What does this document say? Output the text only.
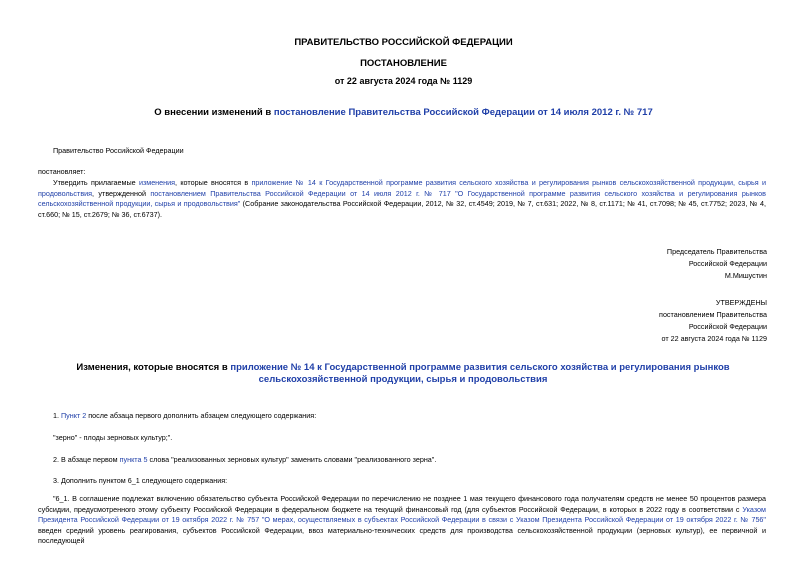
ПРАВИТЕЛЬСТВО РОССИЙСКОЙ ФЕДЕРАЦИИ
ПОСТАНОВЛЕНИЕ
от 22 августа 2024 года № 1129
О внесении изменений в постановление Правительства Российской Федерации от 14 июля 2012 г. № 717
Правительство Российской Федерации
постановляет:
Утвердить прилагаемые изменения, которые вносятся в приложение № 14 к Государственной программе развития сельского хозяйства и регулирования рынков сельскохозяйственной продукции, сырья и продовольствия, утвержденной постановлением Правительства Российской Федерации от 14 июля 2012 г. № 717 "О Государственной программе развития сельского хозяйства и регулирования рынков сельскохозяйственной продукции, сырья и продовольствия" (Собрание законодательства Российской Федерации, 2012, № 32, ст.4549; 2019, № 7, ст.631; 2022, № 8, ст.1171; № 41, ст.7098; № 45, ст.7752; 2023, № 4, ст.660; № 15, ст.2679; № 36, ст.6737).
Председатель Правительства
Российской Федерации
М.Мишустин
УТВЕРЖДЕНЫ
постановлением Правительства
Российской Федерации
от 22 августа 2024 года № 1129
Изменения, которые вносятся в приложение № 14 к Государственной программе развития сельского хозяйства и регулирования рынков сельскохозяйственной продукции, сырья и продовольствия
1. Пункт 2 после абзаца первого дополнить абзацем следующего содержания:
"зерно" - плоды зерновых культур;".
2. В абзаце первом пункта 5 слова "реализованных зерновых культур" заменить словами "реализованного зерна".
3. Дополнить пунктом 6_1 следующего содержания:
"6_1. В соглашение подлежат включению обязательство субъекта Российской Федерации по перечислению не позднее 1 мая текущего финансового года получателям средств не менее 50 процентов размера субсидии, предусмотренного этому субъекту Российской Федерации в федеральном бюджете на текущий финансовый год (для субъектов Российской Федерации, в которых в 2022 году в соответствии с Указом Президента Российской Федерации от 19 октября 2022 г. № 757 "О мерах, осуществляемых в субъектах Российской Федерации в связи с Указом Президента Российской Федерации от 19 октября 2022 г. № 756" введен средний уровень реагирования, субъектов Российской Федерации, ввоз материально-технических средств для производства сельскохозяйственной продукции (зерновых культур), ее первичной и последующей
